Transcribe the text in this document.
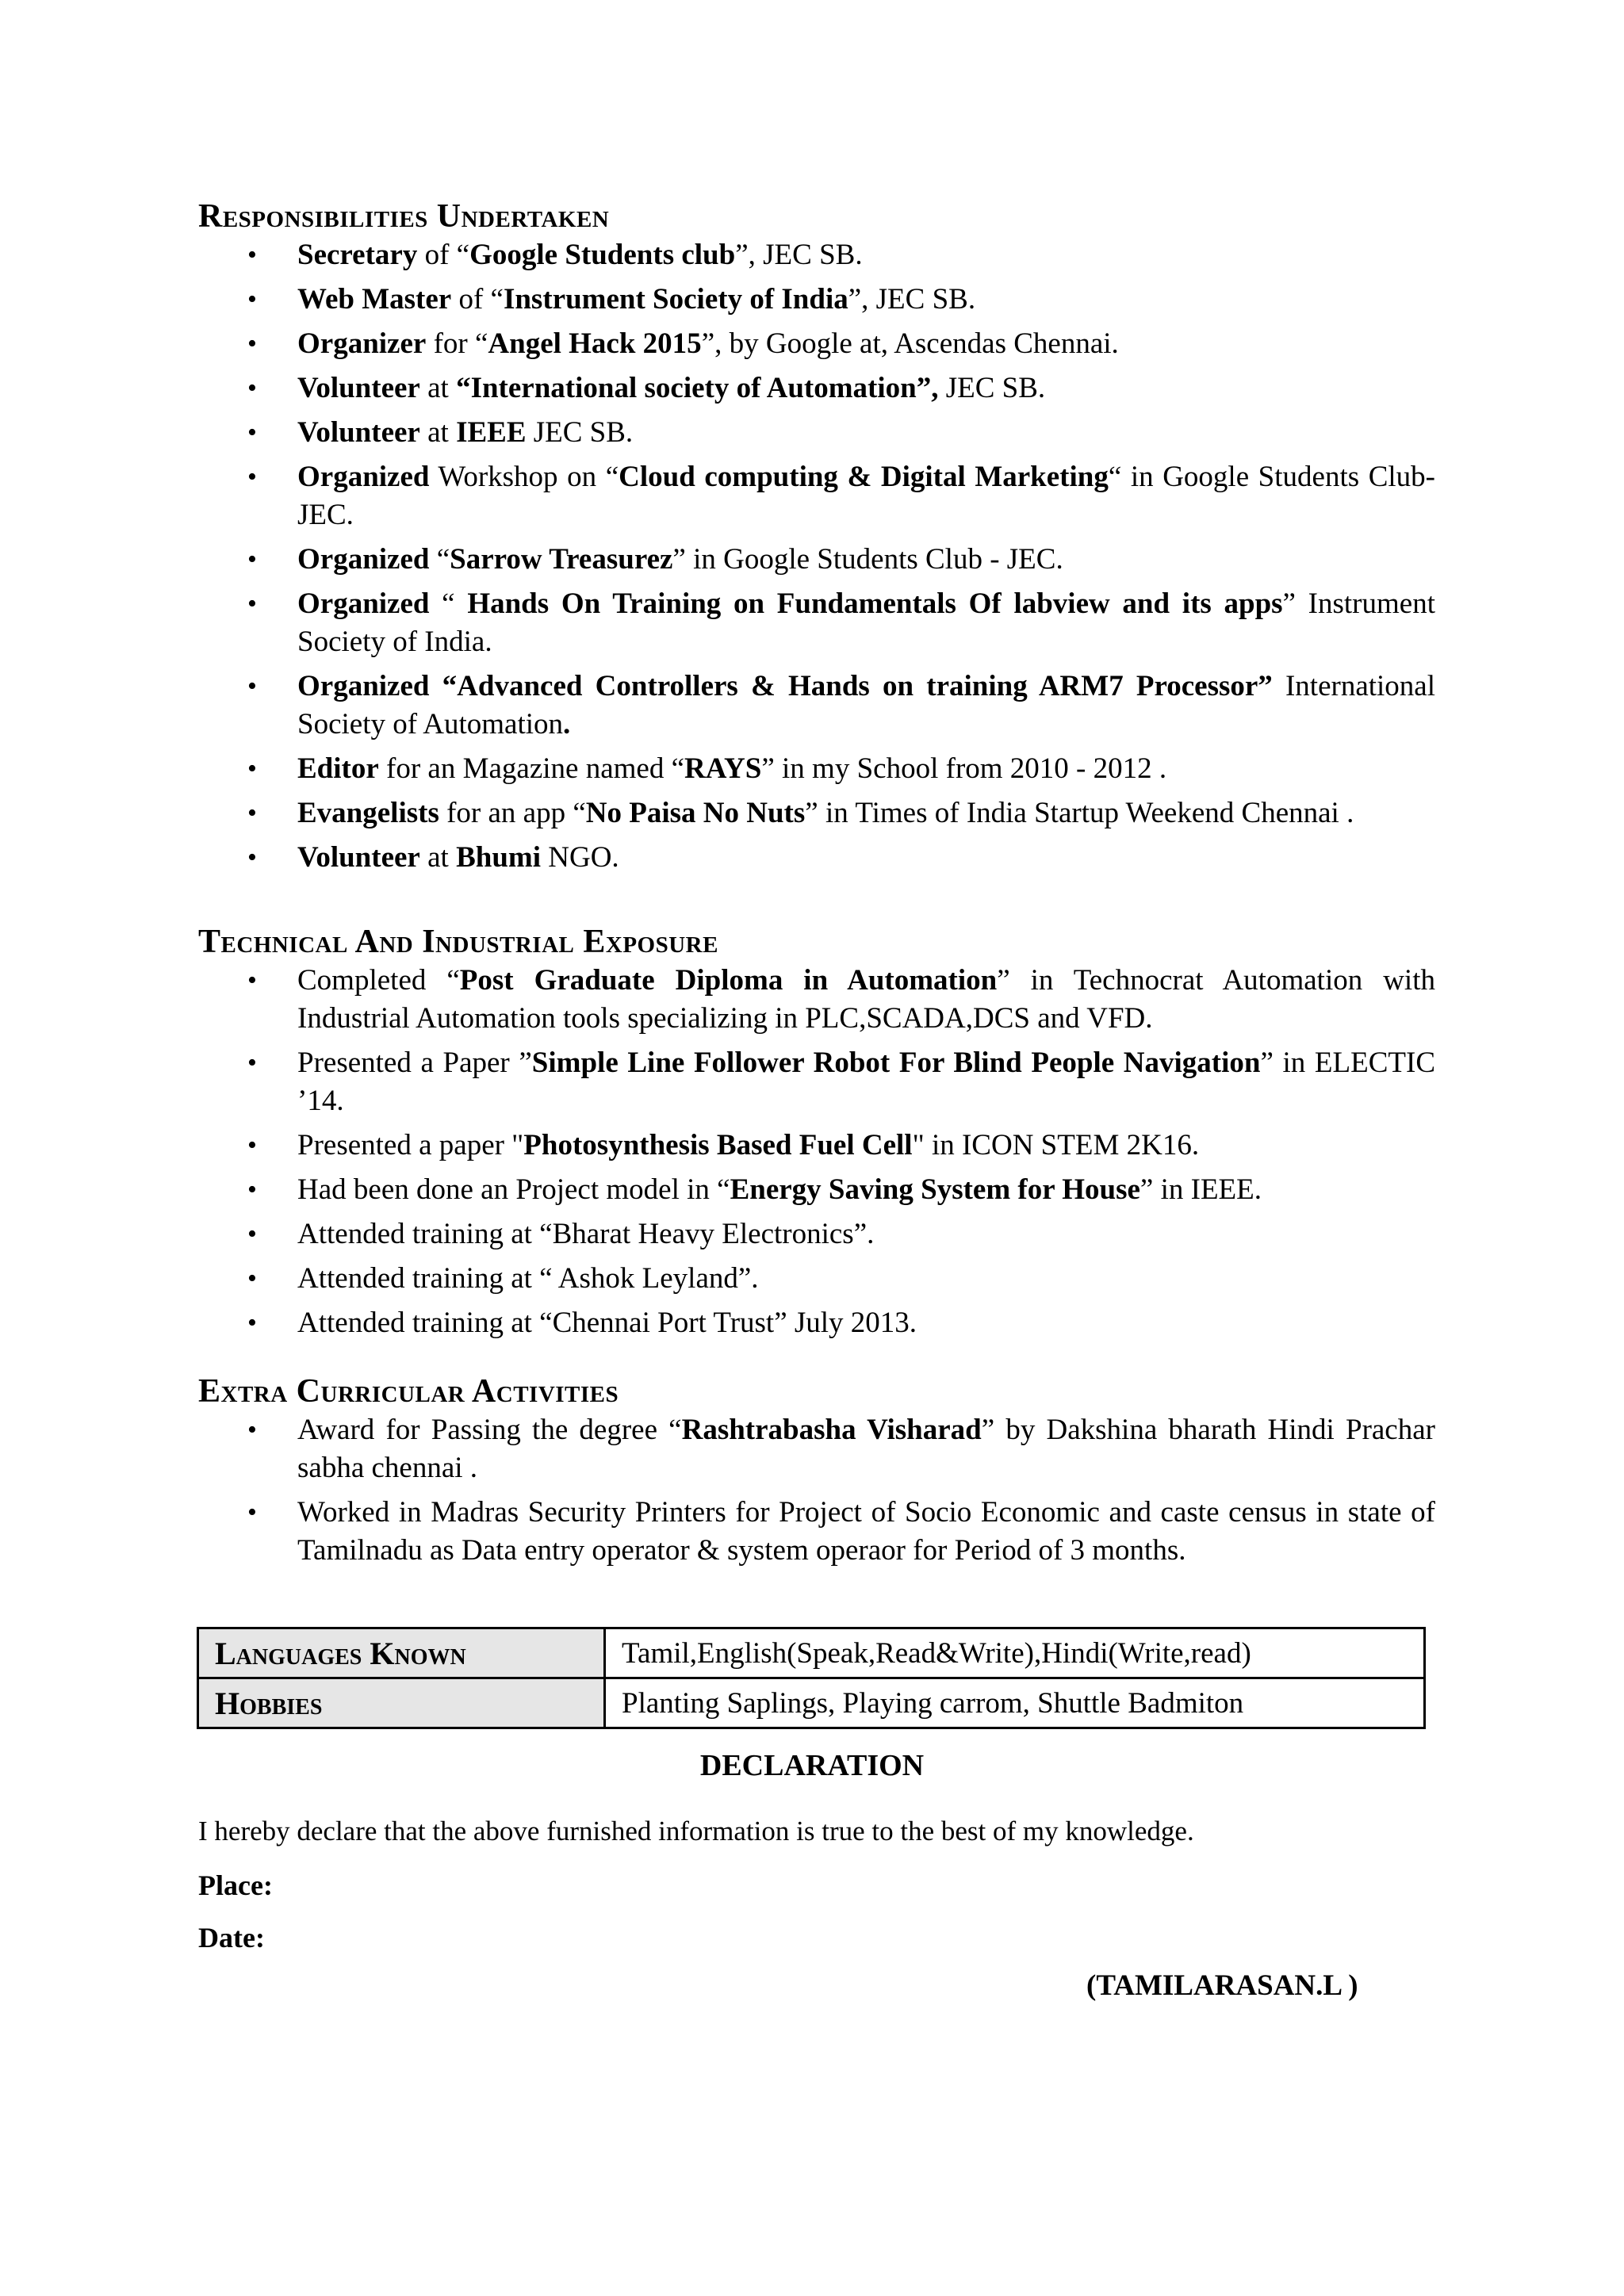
Responsibilities Undertaken
• Secretary of “Google Students club”, JEC SB.
• Web Master of “Instrument Society of India”, JEC SB.
• Organizer for “Angel Hack 2015”, by Google at, Ascendas Chennai.
• Volunteer at “International society of Automation”, JEC SB.
• Volunteer at IEEE JEC SB.
• Organized Workshop on “Cloud computing & Digital Marketing“ in Google Students Club-JEC.
• Organized “Sarrow Treasurez” in Google Students Club - JEC.
• Organized “ Hands On Training on Fundamentals Of labview and its apps” Instrument Society of India.
• Organized “Advanced Controllers & Hands on training ARM7 Processor” International Society of Automation.
• Editor for an Magazine named “RAYS” in my School from 2010 - 2012 .
• Evangelists for an app “No Paisa No Nuts” in Times of India Startup Weekend Chennai .
• Volunteer at Bhumi NGO.
Technical And Industrial Exposure
• Completed “Post Graduate Diploma in Automation” in Technocrat Automation with Industrial Automation tools specializing in PLC,SCADA,DCS and VFD.
• Presented a Paper ”Simple Line Follower Robot For Blind People Navigation” in ELECTIC ’14.
• Presented a paper "Photosynthesis Based Fuel Cell" in ICON STEM 2K16.
• Had been done an Project model in “Energy Saving System for House” in IEEE.
• Attended training at “Bharat Heavy Electronics”.
• Attended training at “ Ashok Leyland”.
• Attended training at “Chennai Port Trust” July 2013.
Extra Curricular Activities
• Award for Passing the degree “Rashtrabasha Visharad” by Dakshina bharath Hindi Prachar sabha chennai .
• Worked in Madras Security Printers for Project of Socio Economic and caste census in state of Tamilnadu as Data entry operator & system operaor for Period of 3 months.
Languages Known	Tamil,English(Speak,Read&Write),Hindi(Write,read)
Hobbies	Planting Saplings, Playing carrom, Shuttle Badmiton
DECLARATION
I hereby declare that the above furnished information is true to the best of my knowledge.
Place:
Date:
(TAMILARASAN.L )
